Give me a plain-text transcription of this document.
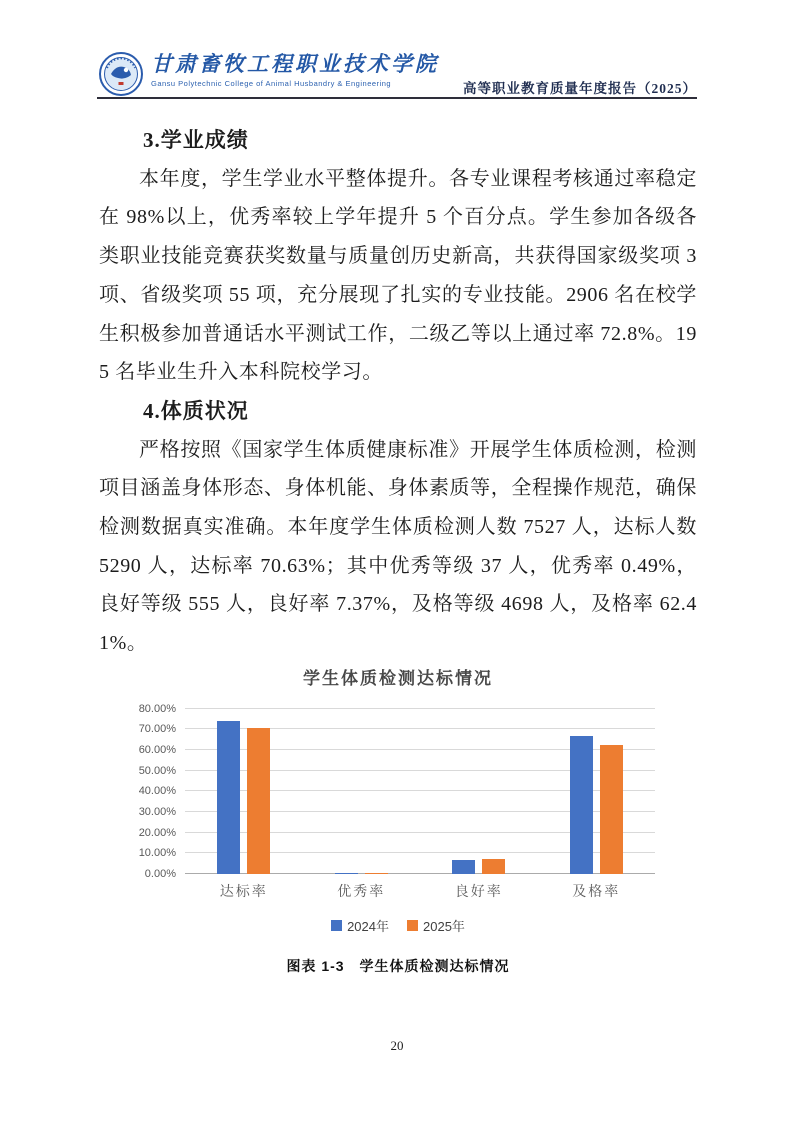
甘肃畜牧工程职业技术学院
Gansu Polytechnic College of Animal Husbandry & Engineering	高等职业教育质量年度报告（2025）
3.学业成绩

本年度，学生学业水平整体提升。各专业课程考核通过率稳定在 98%以上，优秀率较上学年提升 5 个百分点。学生参加各级各类职业技能竞赛获奖数量与质量创历史新高，共获得国家级奖项 3 项、省级奖项 55 项，充分展现了扎实的专业技能。2906 名在校学生积极参加普通话水平测试工作，二级乙等以上通过率 72.8%。195 名毕业生升入本科院校学习。

4.体质状况

严格按照《国家学生体质健康标准》开展学生体质检测，检测项目涵盖身体形态、身体机能、身体素质等，全程操作规范，确保检测数据真实准确。本年度学生体质检测人数 7527 人，达标人数 5290 人，达标率 70.63%；其中优秀等级 37 人，优秀率 0.49%，良好等级 555 人，良好率 7.37%，及格等级 4698 人，及格率 62.41%。

学生体质检测达标情况
0.00%
10.00%
20.00%
30.00%
40.00%
50.00%
60.00%
70.00%
80.00%
达标率	优秀率	良好率	及格率
2024年	2025年
图表 1-3　学生体质检测达标情况
20
